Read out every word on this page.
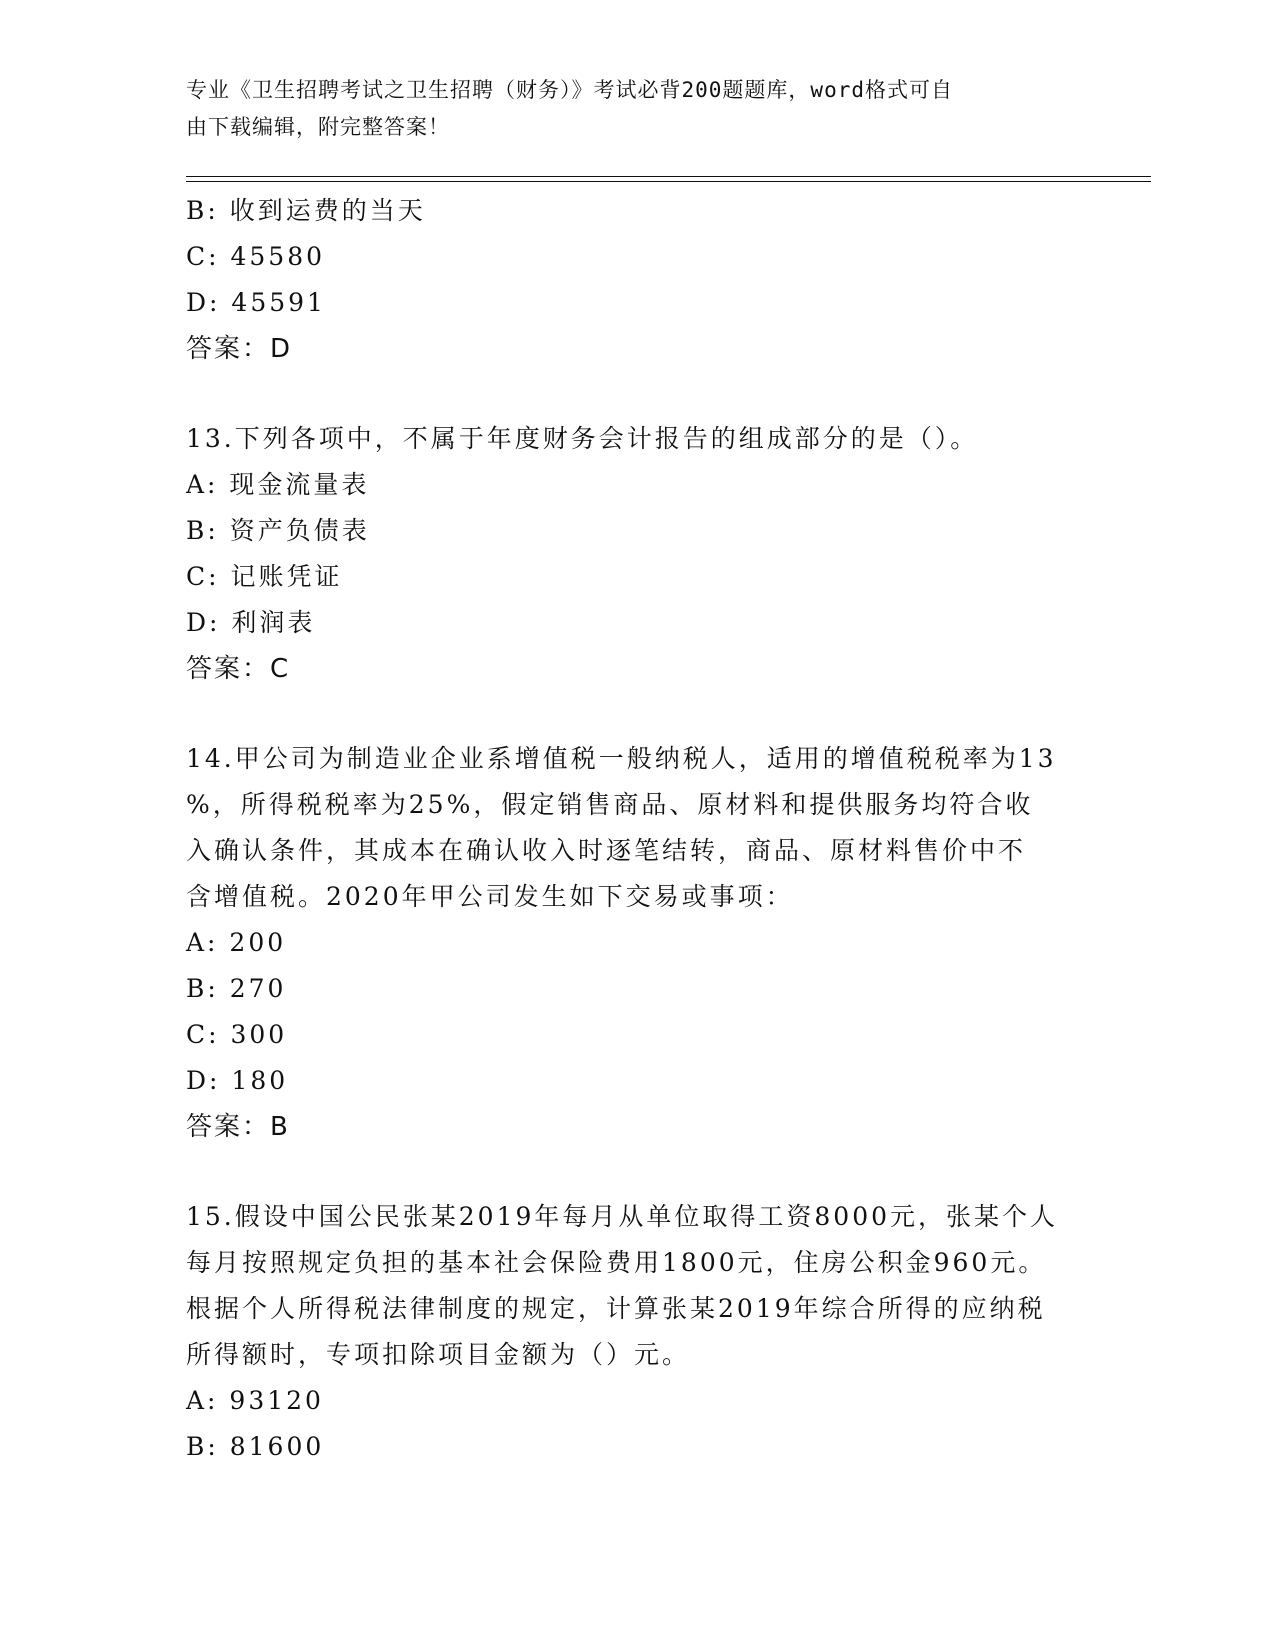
专业《卫生招聘考试之卫生招聘（财务）》考试必背200题题库，word格式可自
由下载编辑，附完整答案！
B: 收到运费的当天
C: 45580
D: 45591
答案：D
13.下列各项中，不属于年度财务会计报告的组成部分的是（）。
A: 现金流量表
B: 资产负债表
C: 记账凭证
D: 利润表
答案：C
14.甲公司为制造业企业系增值税一般纳税人，适用的增值税税率为13
%，所得税税率为25%，假定销售商品、原材料和提供服务均符合收
入确认条件，其成本在确认收入时逐笔结转，商品、原材料售价中不
含增值税。2020年甲公司发生如下交易或事项：
A: 200
B: 270
C: 300
D: 180
答案：B
15.假设中国公民张某2019年每月从单位取得工资8000元，张某个人
每月按照规定负担的基本社会保险费用1800元，住房公积金960元。
根据个人所得税法律制度的规定，计算张某2019年综合所得的应纳税
所得额时，专项扣除项目金额为（）元。
A: 93120
B: 81600
